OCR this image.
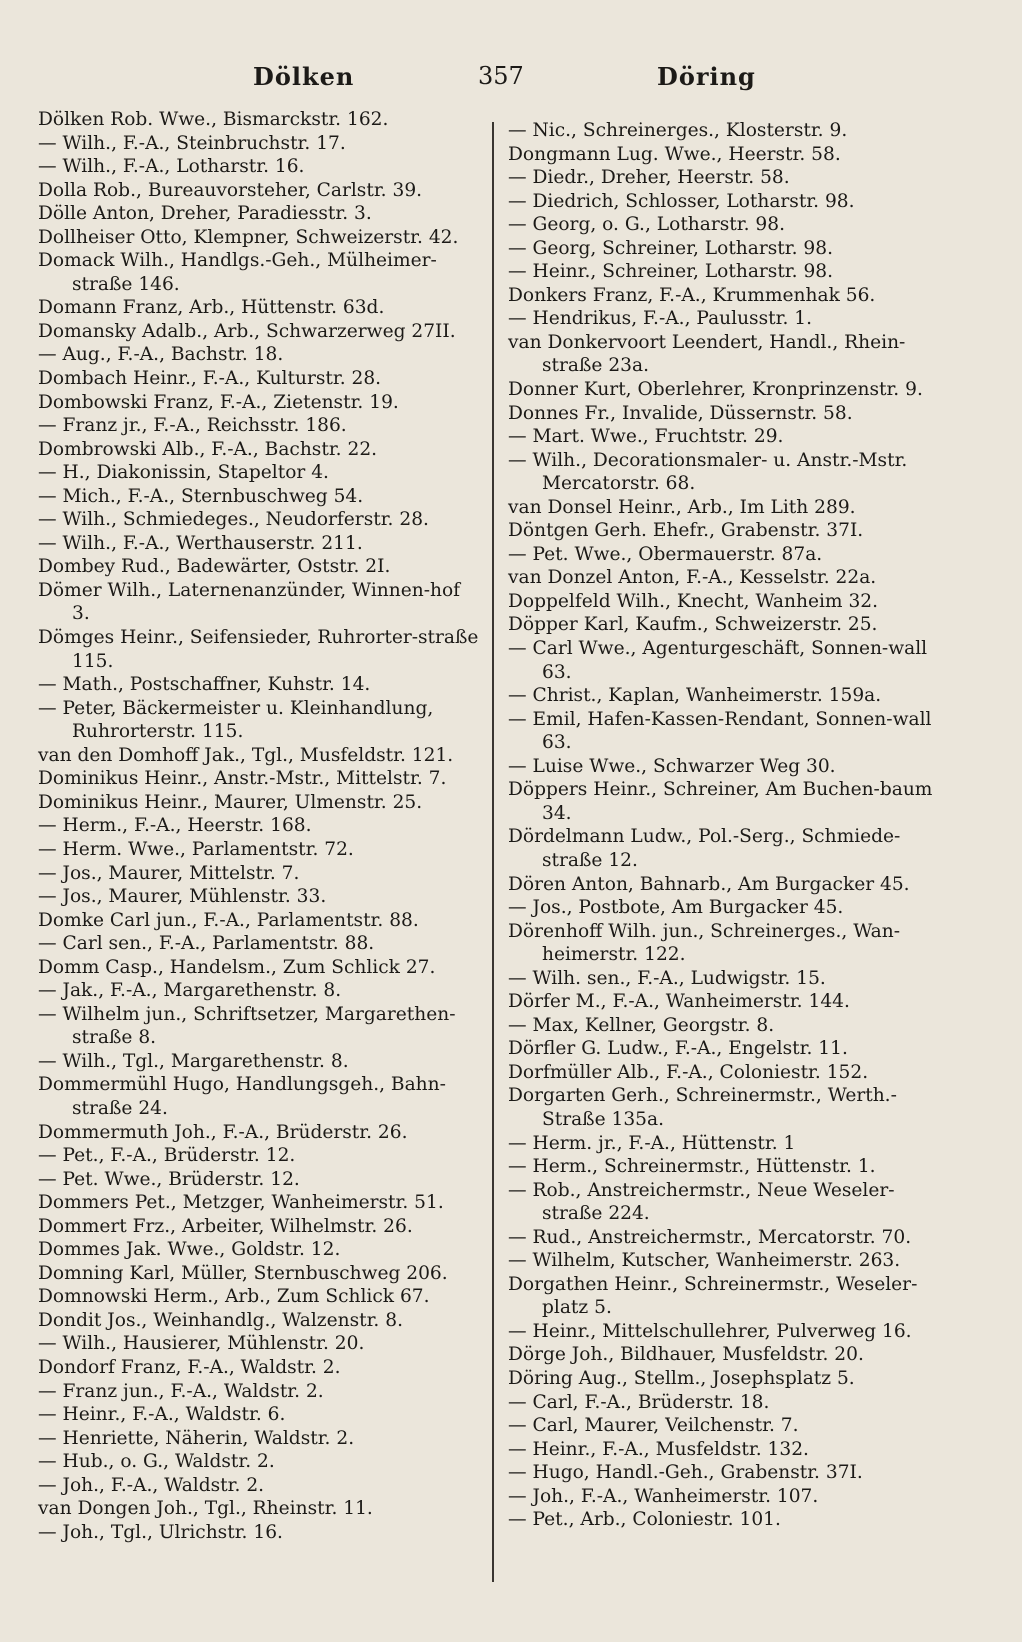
Dölken	357	Döring

Dölken Rob. Wwe., Bismarckstr. 162.

— Wilh., F.-A., Steinbruchstr. 17.

— Wilh., F.-A., Lotharstr. 16.

Dolla Rob., Bureauvorsteher, Carlstr. 39.

Dölle Anton, Dreher, Paradiesstr. 3.

Dollheiser Otto, Klempner, Schweizerstr. 42.

Domack Wilh., Handlgs.-Geh., Mülheimer-straße 146.

Domann Franz, Arb., Hüttenstr. 63d.

Domansky Adalb., Arb., Schwarzerweg 27II.

— Aug., F.-A., Bachstr. 18.

Dombach Heinr., F.-A., Kulturstr. 28.

Dombowski Franz, F.-A., Zietenstr. 19.

— Franz jr., F.-A., Reichsstr. 186.

Dombrowski Alb., F.-A., Bachstr. 22.

— H., Diakonissin, Stapeltor 4.

— Mich., F.-A., Sternbuschweg 54.

— Wilh., Schmiedeges., Neudorferstr. 28.

— Wilh., F.-A., Werthauserstr. 211.

Dombey Rud., Badewärter, Oststr. 2I.

Dömer Wilh., Laternenanzünder, Winnen-hof 3.

Dömges Heinr., Seifensieder, Ruhrorter-straße 115.

— Math., Postschaffner, Kuhstr. 14.

— Peter, Bäckermeister u. Kleinhandlung, Ruhrorterstr. 115.

van den Domhoff Jak., Tgl., Musfeldstr. 121.

Dominikus Heinr., Anstr.-Mstr., Mittelstr. 7.

Dominikus Heinr., Maurer, Ulmenstr. 25.

— Herm., F.-A., Heerstr. 168.

— Herm. Wwe., Parlamentstr. 72.

— Jos., Maurer, Mittelstr. 7.

— Jos., Maurer, Mühlenstr. 33.

Domke Carl jun., F.-A., Parlamentstr. 88.

— Carl sen., F.-A., Parlamentstr. 88.

Domm Casp., Handelsm., Zum Schlick 27.

— Jak., F.-A., Margarethenstr. 8.

— Wilhelm jun., Schriftsetzer, Margarethen-straße 8.

— Wilh., Tgl., Margarethenstr. 8.

Dommermühl Hugo, Handlungsgeh., Bahn-straße 24.

Dommermuth Joh., F.-A., Brüderstr. 26.

— Pet., F.-A., Brüderstr. 12.

— Pet. Wwe., Brüderstr. 12.

Dommers Pet., Metzger, Wanheimerstr. 51.

Dommert Frz., Arbeiter, Wilhelmstr. 26.

Dommes Jak. Wwe., Goldstr. 12.

Domning Karl, Müller, Sternbuschweg 206.

Domnowski Herm., Arb., Zum Schlick 67.

Dondit Jos., Weinhandlg., Walzenstr. 8.

— Wilh., Hausierer, Mühlenstr. 20.

Dondorf Franz, F.-A., Waldstr. 2.

— Franz jun., F.-A., Waldstr. 2.

— Heinr., F.-A., Waldstr. 6.

— Henriette, Näherin, Waldstr. 2.

— Hub., o. G., Waldstr. 2.

— Joh., F.-A., Waldstr. 2.

van Dongen Joh., Tgl., Rheinstr. 11.

— Joh., Tgl., Ulrichstr. 16.

— Nic., Schreinerges., Klosterstr. 9.

Dongmann Lug. Wwe., Heerstr. 58.

— Diedr., Dreher, Heerstr. 58.

— Diedrich, Schlosser, Lotharstr. 98.

— Georg, o. G., Lotharstr. 98.

— Georg, Schreiner, Lotharstr. 98.

— Heinr., Schreiner, Lotharstr. 98.

Donkers Franz, F.-A., Krummenhak 56.

— Hendrikus, F.-A., Paulusstr. 1.

van Donkervoort Leendert, Handl., Rhein-straße 23a.

Donner Kurt, Oberlehrer, Kronprinzenstr. 9.

Donnes Fr., Invalide, Düssernstr. 58.

— Mart. Wwe., Fruchtstr. 29.

— Wilh., Decorationsmaler- u. Anstr.-Mstr. Mercatorstr. 68.

van Donsel Heinr., Arb., Im Lith 289.

Döntgen Gerh. Ehefr., Grabenstr. 37I.

— Pet. Wwe., Obermauerstr. 87a.

van Donzel Anton, F.-A., Kesselstr. 22a.

Doppelfeld Wilh., Knecht, Wanheim 32.

Döpper Karl, Kaufm., Schweizerstr. 25.

— Carl Wwe., Agenturgeschäft, Sonnen-wall 63.

— Christ., Kaplan, Wanheimerstr. 159a.

— Emil, Hafen-Kassen-Rendant, Sonnen-wall 63.

— Luise Wwe., Schwarzer Weg 30.

Döppers Heinr., Schreiner, Am Buchen-baum 34.

Dördelmann Ludw., Pol.-Serg., Schmiede-straße 12.

Dören Anton, Bahnarb., Am Burgacker 45.

— Jos., Postbote, Am Burgacker 45.

Dörenhoff Wilh. jun., Schreinerges., Wan-heimerstr. 122.

— Wilh. sen., F.-A., Ludwigstr. 15.

Dörfer M., F.-A., Wanheimerstr. 144.

— Max, Kellner, Georgstr. 8.

Dörfler G. Ludw., F.-A., Engelstr. 11.

Dorfmüller Alb., F.-A., Coloniestr. 152.

Dorgarten Gerh., Schreinermstr., Werth.-Straße 135a.

— Herm. jr., F.-A., Hüttenstr. 1

— Herm., Schreinermstr., Hüttenstr. 1.

— Rob., Anstreichermstr., Neue Weseler-straße 224.

— Rud., Anstreichermstr., Mercatorstr. 70.

— Wilhelm, Kutscher, Wanheimerstr. 263.

Dorgathen Heinr., Schreinermstr., Weseler-platz 5.

— Heinr., Mittelschullehrer, Pulverweg 16.

Dörge Joh., Bildhauer, Musfeldstr. 20.

Döring Aug., Stellm., Josephsplatz 5.

— Carl, F.-A., Brüderstr. 18.

— Carl, Maurer, Veilchenstr. 7.

— Heinr., F.-A., Musfeldstr. 132.

— Hugo, Handl.-Geh., Grabenstr. 37I.

— Joh., F.-A., Wanheimerstr. 107.

— Pet., Arb., Coloniestr. 101.
